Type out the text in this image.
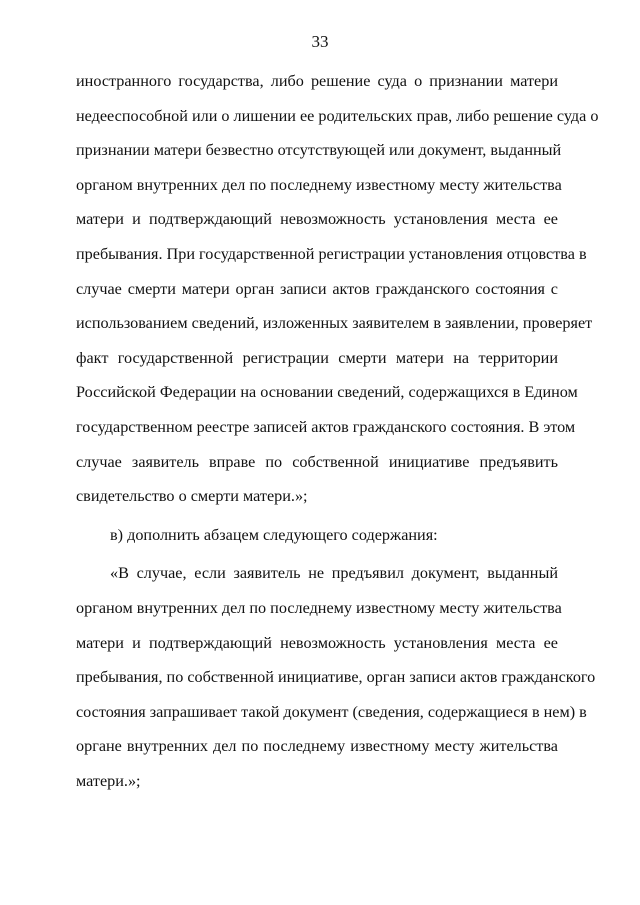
33
иностранного государства, либо решение суда о признании матери
недееспособной или о лишении ее родительских прав, либо решение суда о
признании матери безвестно отсутствующей или документ, выданный
органом внутренних дел по последнему известному месту жительства
матери и подтверждающий невозможность установления места ее
пребывания. При государственной регистрации установления отцовства в
случае смерти матери орган записи актов гражданского состояния с
использованием сведений, изложенных заявителем в заявлении, проверяет
факт государственной регистрации смерти матери на территории
Российской Федерации на основании сведений, содержащихся в Едином
государственном реестре записей актов гражданского состояния. В этом
случае заявитель вправе по собственной инициативе предъявить
свидетельство о смерти матери.»;
в) дополнить абзацем следующего содержания:
«В случае, если заявитель не предъявил документ, выданный
органом внутренних дел по последнему известному месту жительства
матери и подтверждающий невозможность установления места ее
пребывания, по собственной инициативе, орган записи актов гражданского
состояния запрашивает такой документ (сведения, содержащиеся в нем) в
органе внутренних дел по последнему известному месту жительства
матери.»;
